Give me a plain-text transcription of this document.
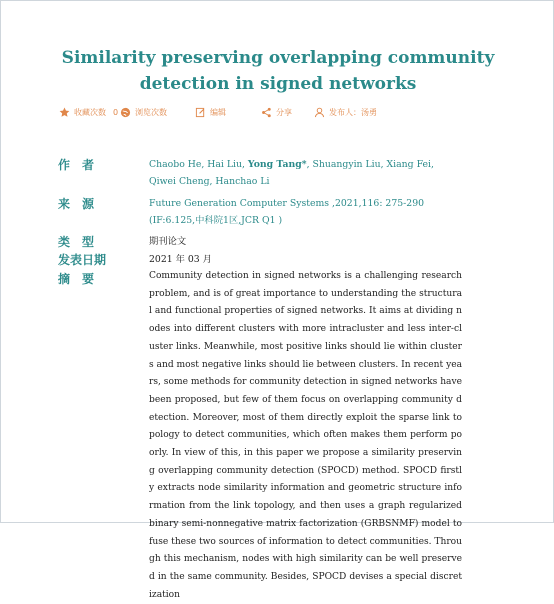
Similarity preserving overlapping community detection in signed networks
收藏次数 0 浏览次数	编辑	分享	发布人：汤勇
作　者	Chaobo He, Hai Liu, Yong Tang*, Shuangyin Liu, Xiang Fei, Qiwei Cheng, Hanchao Li
来　源	Future Generation Computer Systems ,2021,116: 275-290 (IF:6.125,中科院1区,JCR Q1 )
类　型	期刊论文
发表日期	2021 年 03 月
摘　要	Community detection in signed networks is a challenging research problem, and is of great importance to understanding the structural and functional properties of signed networks. It aims at dividing nodes into different clusters with more intracluster and less inter-cluster links. Meanwhile, most positive links should lie within clusters and most negative links should lie between clusters. In recent years, some methods for community detection in signed networks have been proposed, but few of them focus on overlapping community detection. Moreover, most of them directly exploit the sparse link topology to detect communities, which often makes them perform poorly. In view of this, in this paper we propose a similarity preserving overlapping community detection (SPOCD) method. SPOCD firstly extracts node similarity information and geometric structure information from the link topology, and then uses a graph regularized binary semi-nonnegative matrix factorization (GRBSNMF) model to fuse these two sources of information to detect communities. Through this mechanism, nodes with high similarity can be well preserved in the same community. Besides, SPOCD devises a special discretization
